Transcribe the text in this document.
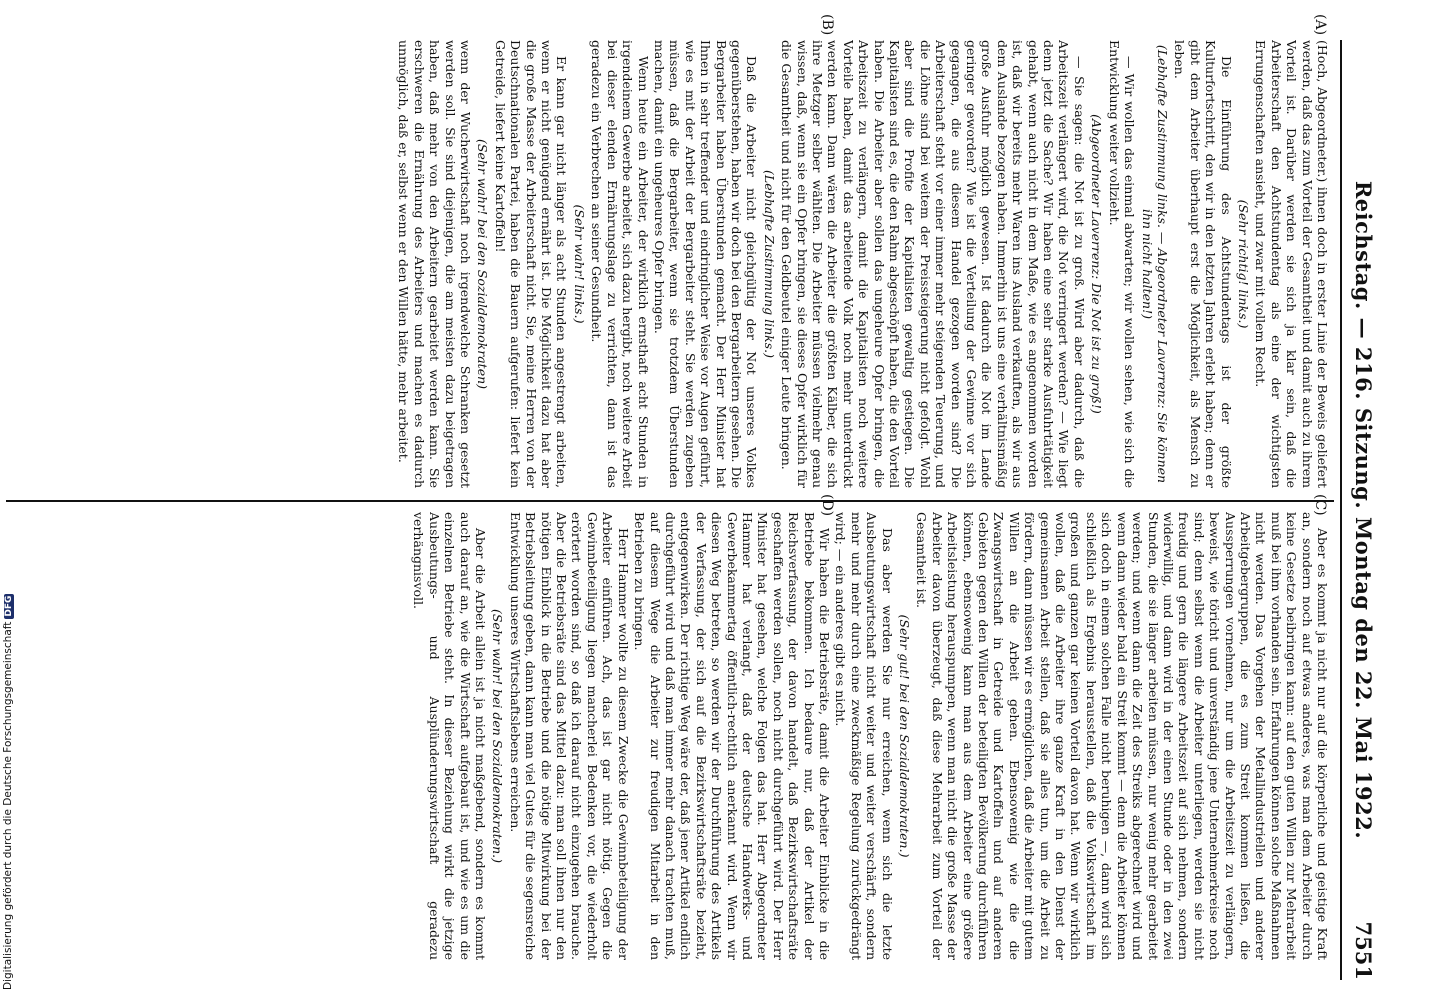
Reichstag. — 216. Sitzung. Montag den 22. Mai 1922.
7551
(A)
(B)
(C)
(D)

(Hoch, Abgeordneter.) ihnen doch in erster Linie der Beweis geliefert werden, daß das zum Vorteil der Gesamtheit und damit auch zu ihrem Vorteil ist. Darüber werden sie sich ja klar sein, daß die Arbeiterschaft den Achtstundentag als eine der wichtigsten Errungenschaften ansieht, und zwar mit vollem Recht.

(Sehr richtig! links.)

Die Einführung des Achtstundentags ist der größte Kulturfortschritt, den wir in den letzten Jahren erlebt haben; denn er gibt dem Arbeiter überhaupt erst die Möglichkeit, als Mensch zu leben.

(Lebhafte Zustimmung links. — Abgeordneter Laverrenz: Sie können ihn nicht halten!)

— Wir wollen das einmal abwarten; wir wollen sehen, wie sich die Entwicklung weiter vollzieht.

(Abgeordneter Laverrenz: Die Not ist zu groß!)

— Sie sagen: die Not ist zu groß. Wird aber dadurch, daß die Arbeitszeit verlängert wird, die Not verringert werden? — Wie liegt denn jetzt die Sache? Wir haben eine sehr starke Ausfuhrtätigkeit gehabt, wenn auch nicht in dem Maße, wie es angenommen worden ist, daß wir bereits mehr Waren ins Ausland verkauften, als wir aus dem Auslande bezogen haben. Immerhin ist uns eine verhältnismäßig große Ausfuhr möglich gewesen. Ist dadurch die Not im Lande geringer geworden? Wie ist die Verteilung der Gewinne vor sich gegangen, die aus diesem Handel gezogen worden sind? Die Arbeiterschaft steht vor einer immer mehr steigenden Teuerung, und die Löhne sind bei weitem der Preissteigerung nicht gefolgt. Wohl aber sind die Profite der Kapitalisten gewaltig gestiegen. Die Kapitalisten sind es, die den Rahm abgeschöpft haben, die den Vorteil haben. Die Arbeiter aber sollen das ungeheure Opfer bringen, die Arbeitszeit zu verlängern, damit die Kapitalisten noch weitere Vorteile haben, damit das arbeitende Volk noch mehr unterdrückt werden kann. Dann wären die Arbeiter die größten Kälber, die sich ihre Metzger selber wählten. Die Arbeiter müssen vielmehr genau wissen, daß, wenn sie ein Opfer bringen, sie dieses Opfer wirklich für die Gesamtheit und nicht für den Geldbeutel einiger Leute bringen.

(Lebhafte Zustimmung links.)

Daß die Arbeiter nicht gleichgültig der Not unseres Volkes gegenüberstehen, haben wir doch bei den Bergarbeitern gesehen. Die Bergarbeiter haben Überstunden gemacht. Der Herr Minister hat Ihnen in sehr treffender und eindringlicher Weise vor Augen geführt, wie es mit der Arbeit der Bergarbeiter steht. Sie werden zugeben müssen, daß die Bergarbeiter, wenn sie trotzdem Überstunden machen, damit ein ungeheures Opfer bringen.

Wenn heute ein Arbeiter, der wirklich ernsthaft acht Stunden in irgendeinem Gewerbe arbeitet, sich dazu hergibt, noch weitere Arbeit bei dieser elenden Ernährungslage zu verrichten, dann ist das geradezu ein Verbrechen an seiner Gesundheit.

(Sehr wahr! links.)

Er kann gar nicht länger als acht Stunden angestrengt arbeiten, wenn er nicht genügend ernährt ist. Die Möglichkeit dazu hat aber die große Masse der Arbeiterschaft nicht. Sie, meine Herren von der Deutschnationalen Partei, haben die Bauern aufgerufen: liefert kein Getreide, liefert keine Kartoffeln!

(Sehr wahr! bei den Sozialdemokraten)

wenn der Wucherwirtschaft noch irgendwelche Schranken gesetzt werden soll. Sie sind diejenigen, die am meisten dazu beigetragen haben, daß mehr von den Arbeitern gearbeitet werden kann. Sie erschweren die Ernährung des Arbeiters und machen es dadurch unmöglich, daß er, selbst wenn er den Willen hätte, mehr arbeitet.

Aber es kommt ja nicht nur auf die körperliche und geistige Kraft an, sondern noch auf etwas anderes, was man dem Arbeiter durch keine Gesetze beibringen kann: auf den guten Willen zur Mehrarbeit muß bei ihm vorhanden sein. Erfahrungen können solche Maßnahmen nicht werden. Das Vorgehen der Metallindustriellen und anderer Arbeitgebergruppen, die es zum Streit kommen ließen, die Aussperrungen vornehmen, nur um die Arbeitszeit zu verlängern, beweist, wie töricht und unverständig jene Unternehmerkreise noch sind; denn selbst wenn die Arbeiter unterliegen, werden sie nicht freudig und gern die längere Arbeitszeit auf sich nehmen, sondern widerwillig, und dann wird in der einen Stunde oder in den zwei Stunden, die sie länger arbeiten müssen, nur wenig mehr gearbeitet werden; und wenn dann die Zeit des Streiks abgerechnet wird und wenn dann wieder bald ein Streit kommt — denn die Arbeiter können sich doch in einem solchen Falle nicht beruhigen —, dann wird sich schließlich als Ergebnis herausstellen, daß die Volkswirtschaft im großen und ganzen gar keinen Vorteil davon hat. Wenn wir wirklich wollen, daß die Arbeiter ihre ganze Kraft in den Dienst der gemeinsamen Arbeit stellen, daß sie alles tun, um die Arbeit zu fördern, dann müssen wir es ermöglichen, daß die Arbeiter mit gutem Willen an die Arbeit gehen. Ebensowenig wie die die Zwangswirtschaft in Getreide und Kartoffeln und auf anderen Gebieten gegen den Willen der beteiligten Bevölkerung durchführen können, ebensowenig kann man aus dem Arbeiter eine größere Arbeitsleistung herauspumpen, wenn man nicht die große Masse der Arbeiter davon überzeugt, daß diese Mehrarbeit zum Vorteil der Gesamtheit ist.

(Sehr gut! bei den Sozialdemokraten.)

Das aber werden Sie nur erreichen, wenn sich die letzte Ausbeutungswirtschaft nicht weiter und weiter verschärft, sondern mehr und mehr durch eine zweckmäßige Regelung zurückgedrängt wird; — ein anderes gibt es nicht.

Wir haben die Betriebsräte, damit die Arbeiter Einblicke in die Betriebe bekommen. Ich bedaure nur, daß der Artikel der Reichsverfassung, der davon handelt, daß Bezirkswirtschaftsräte geschaffen werden sollen, noch nicht durchgeführt wird. Der Herr Minister hat gesehen, welche Folgen das hat. Herr Abgeordneter Hammer hat verlangt, daß der deutsche Handwerks- und Gewerbekammertag öffentlich-rechtlich anerkannt wird. Wenn wir diesen Weg betreten, so werden wir der Durchführung des Artikels der Verfassung, der sich auf die Bezirkswirtschaftsräte bezieht, entgegenwirken. Der richtige Weg wäre der, daß jener Artikel endlich durchgeführt wird und daß man immer mehr danach trachten muß, auf diesem Wege die Arbeiter zur freudigen Mitarbeit in den Betrieben zu bringen.

Herr Hammer wollte zu diesem Zwecke die Gewinnbeteiligung der Arbeiter einführen. Ach, das ist gar nicht nötig. Gegen die Gewinnbeteiligung liegen mancherlei Bedenken vor, die wiederholt erörtert worden sind, so daß ich darauf nicht einzugehen brauche. Aber die Betriebsräte sind das Mittel dazu: man soll ihnen nur den nötigen Einblick in die Betriebe und die nötige Mitwirkung bei der Betriebsleitung geben, dann kann man viel Gutes für die segensreiche Entwicklung unseres Wirtschaftslebens erreichen.

(Sehr wahr! bei den Sozialdemokraten.)

Aber die Arbeit allein ist ja nicht maßgebend, sondern es kommt auch darauf an, wie die Wirtschaft aufgebaut ist, und wie es um die einzelnen Betriebe steht. In dieser Beziehung wirkt die jetzige Ausbeutungs- und Ausplünderungswirtschaft geradezu verhängnisvoll.

Digitalisierung gefördert durch die Deutsche ForschungsgemeinschaftDFG
